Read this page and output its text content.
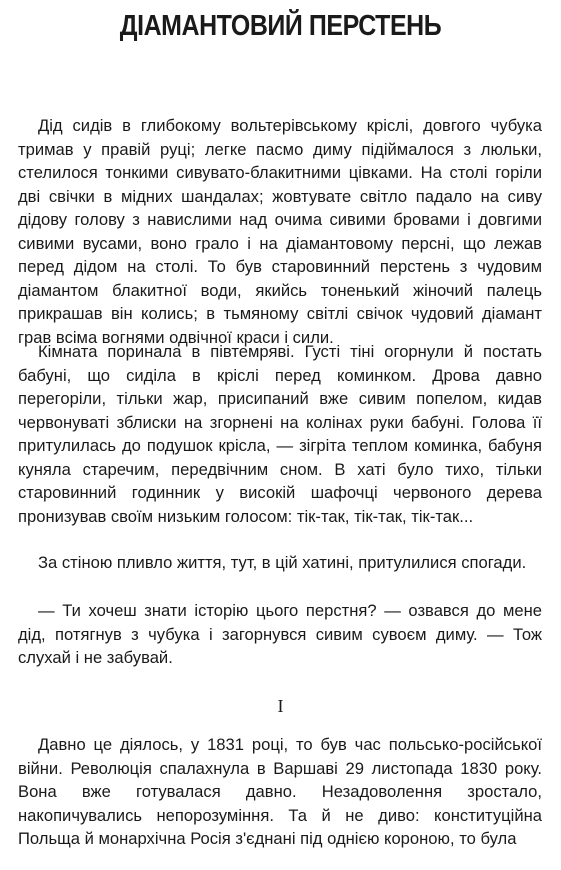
ДІАМАНТОВИЙ ПЕРСТЕНЬ

Дід сидів в глибокому вольтерівському кріслі, довгого чубука тримав у правій руці; легке пасмо диму підіймалося з люльки, стелилося тонкими сивувато-блакитними цівками. На столі горіли дві свічки в мідних шандалах; жовтувате світло падало на сиву дідову голову з навислими над очима сивими бровами і довгими сивими вусами, воно грало і на діамантовому персні, що лежав перед дідом на столі. То був старовинний перстень з чудовим діамантом блакитної води, якийсь тоненький жіночий палець прикрашав він колись; в тьмяному світлі свічок чудовий діамант грав всіма вогнями одвічної краси і сили.

Кімната поринала в півтемряві. Густі тіні огорнули й постать бабуні, що сиділа в кріслі перед коминком. Дрова давно перегоріли, тільки жар, присипаний вже сивим попелом, кидав червонуваті зблиски на згорнені на колінах руки бабуні. Голова її притулилась до подушок крісла, — зігріта теплом коминка, бабуня куняла старечим, передвічним сном. В хаті було тихо, тільки старовинний годинник у високій шафочці червоного дерева пронизував своїм низьким голосом: тік-так, тік-так, тік-так...

За стіною пливло життя, тут, в цій хатині, притулилися спогади.

— Ти хочеш знати історію цього перстня? — озвався до мене дід, потягнув з чубука і загорнувся сивим сувоєм диму. — Тож слухай і не забувай.

I

Давно це діялось, у 1831 році, то був час польсько-російської війни. Революція спалахнула в Варшаві 29 листопада 1830 року. Вона вже готувалася давно. Незадоволення зростало, накопичувались непорозуміння. Та й не диво: конституційна Польща й монархічна Росія з'єднані під однією короною, то була
